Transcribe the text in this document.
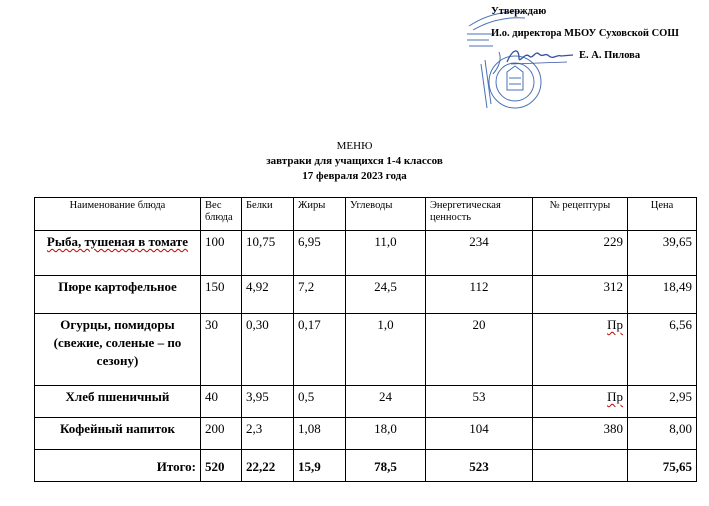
Утверждаю
И.о. директора МБОУ Суховской СОШ
Е. А. Пилова
МЕНЮ
завтраки для учащихся 1-4 классов
17 февраля 2023 года
Наименование блюда	Вес блюда	Белки	Жиры	Углеводы	Энергетическая ценность	№ рецептуры	Цена
Рыба, тушеная в томате	100	10,75	6,95	11,0	234	229	39,65
Пюре картофельное	150	4,92	7,2	24,5	112	312	18,49
Огурцы, помидоры (свежие, соленые – по сезону)	30	0,30	0,17	1,0	20	Пр	6,56
Хлеб пшеничный	40	3,95	0,5	24	53	Пр	2,95
Кофейный напиток	200	2,3	1,08	18,0	104	380	8,00
Итого:	520	22,22	15,9	78,5	523		75,65
